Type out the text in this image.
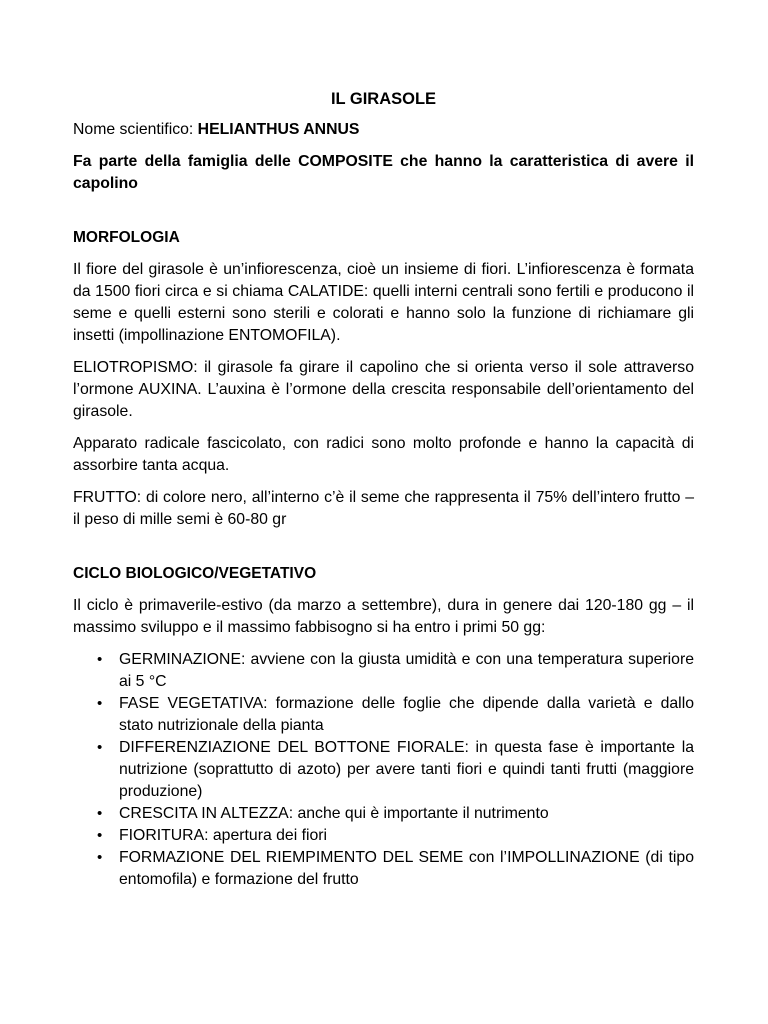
IL GIRASOLE

Nome scientifico: HELIANTHUS ANNUS

Fa parte della famiglia delle COMPOSITE che hanno la caratteristica di avere il capolino

MORFOLOGIA

Il fiore del girasole è un’infiorescenza, cioè un insieme di fiori. L’infiorescenza è formata da 1500 fiori circa e si chiama CALATIDE: quelli interni centrali sono fertili e producono il seme e quelli esterni sono sterili e colorati e hanno solo la funzione di richiamare gli insetti (impollinazione ENTOMOFILA).

ELIOTROPISMO: il girasole fa girare il capolino che si orienta verso il sole attraverso l’ormone AUXINA. L’auxina è l’ormone della crescita responsabile dell’orientamento del girasole.

Apparato radicale fascicolato, con radici sono molto profonde e hanno la capacità di assorbire tanta acqua.

FRUTTO: di colore nero, all’interno c’è il seme che rappresenta il 75% dell’intero frutto – il peso di mille semi è 60-80 gr

CICLO BIOLOGICO/VEGETATIVO

Il ciclo è primaverile-estivo (da marzo a settembre), dura in genere dai 120-180 gg – il massimo sviluppo e il massimo fabbisogno si ha entro i primi 50 gg:

• GERMINAZIONE: avviene con la giusta umidità e con una temperatura superiore ai 5 °C
• FASE VEGETATIVA: formazione delle foglie che dipende dalla varietà e dallo stato nutrizionale della pianta
• DIFFERENZIAZIONE DEL BOTTONE FIORALE: in questa fase è importante la nutrizione (soprattutto di azoto) per avere tanti fiori e quindi tanti frutti (maggiore produzione)
• CRESCITA IN ALTEZZA: anche qui è importante il nutrimento
• FIORITURA: apertura dei fiori
• FORMAZIONE DEL RIEMPIMENTO DEL SEME con l’IMPOLLINAZIONE (di tipo entomofila) e formazione del frutto
